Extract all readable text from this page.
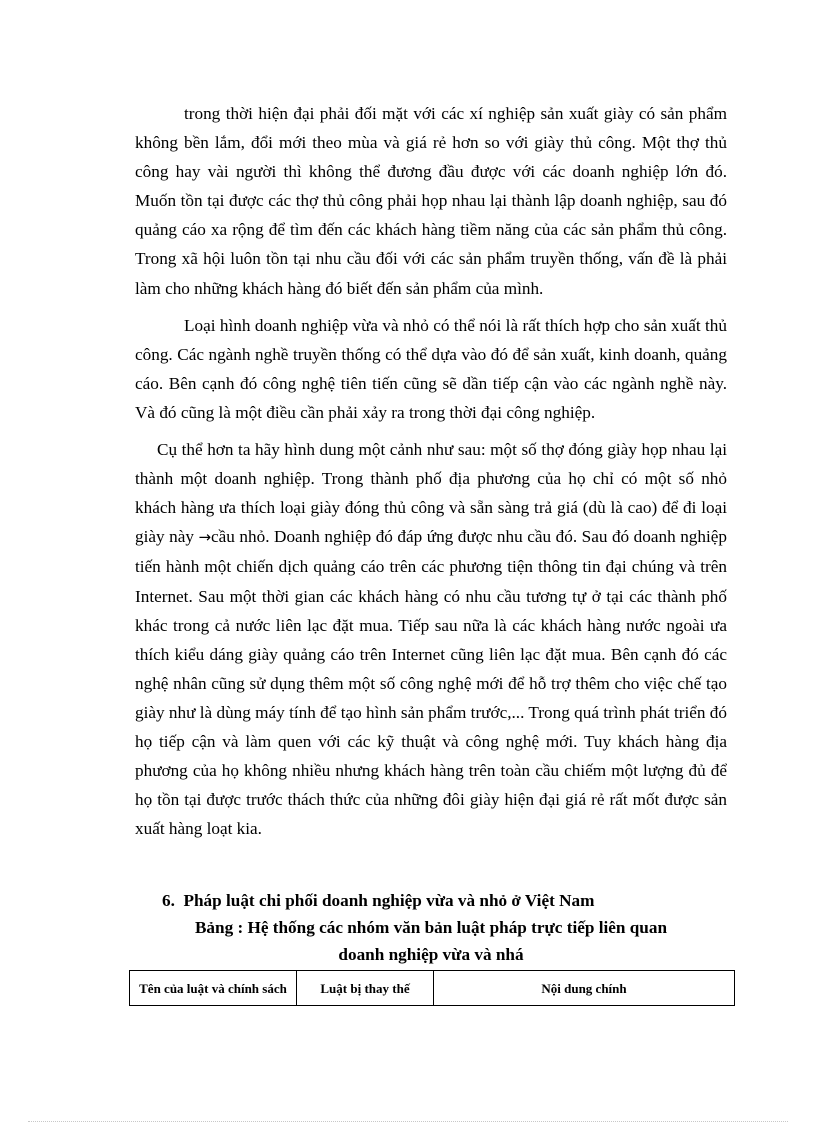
trong thời hiện đại phải đối mặt với các xí nghiệp sản xuất giày có sản phẩm không bền lắm, đổi mới theo mùa và giá rẻ hơn so với giày thủ công. Một thợ thủ công hay vài người thì không thể đương đầu được với các doanh nghiệp lớn đó. Muốn tồn tại được các thợ thủ công phải họp nhau lại thành lập doanh nghiệp, sau đó quảng cáo xa rộng để tìm đến các khách hàng tiềm năng của các sản phẩm thủ công. Trong xã hội luôn tồn tại nhu cầu đối với các sản phẩm truyền thống, vấn đề là phải làm cho những khách hàng đó biết đến sản phẩm của mình.

Loại hình doanh nghiệp vừa và nhỏ có thể nói là rất thích hợp cho sản xuất thủ công. Các ngành nghề truyền thống có thể dựa vào đó để sản xuất, kinh doanh, quảng cáo. Bên cạnh đó công nghệ tiên tiến cũng sẽ dần tiếp cận vào các ngành nghề này. Và đó cũng là một điều cần phải xảy ra trong thời đại công nghiệp.

Cụ thể hơn ta hãy hình dung một cảnh như sau: một số thợ đóng giày họp nhau lại thành một doanh nghiệp. Trong thành phố địa phương của họ chỉ có một số nhỏ khách hàng ưa thích loại giày đóng thủ công và sẵn sàng trả giá (dù là cao) để đi loại giày này →cầu nhỏ. Doanh nghiệp đó đáp ứng được nhu cầu đó. Sau đó doanh nghiệp tiến hành một chiến dịch quảng cáo trên các phương tiện thông tin đại chúng và trên Internet. Sau một thời gian các khách hàng có nhu cầu tương tự ở tại các thành phố khác trong cả nước liên lạc đặt mua. Tiếp sau nữa là các khách hàng nước ngoài ưa thích kiểu dáng giày quảng cáo trên Internet cũng liên lạc đặt mua. Bên cạnh đó các nghệ nhân cũng sử dụng thêm một số công nghệ mới để hỗ trợ thêm cho việc chế tạo giày như là dùng máy tính để tạo hình sản phẩm trước,... Trong quá trình phát triển đó họ tiếp cận và làm quen với các kỹ thuật và công nghệ mới. Tuy khách hàng địa phương của họ không nhiều nhưng khách hàng trên toàn cầu chiếm một lượng đủ để họ tồn tại được trước thách thức của những đôi giày hiện đại giá rẻ rất mốt được sản xuất hàng loạt kia.

6. Pháp luật chi phối doanh nghiệp vừa và nhỏ ở Việt Nam
Bảng : Hệ thống các nhóm văn bản luật pháp trực tiếp liên quan
doanh nghiệp vừa và nhá
Tên của luật và chính sách	Luật bị thay thế	Nội dung chính
